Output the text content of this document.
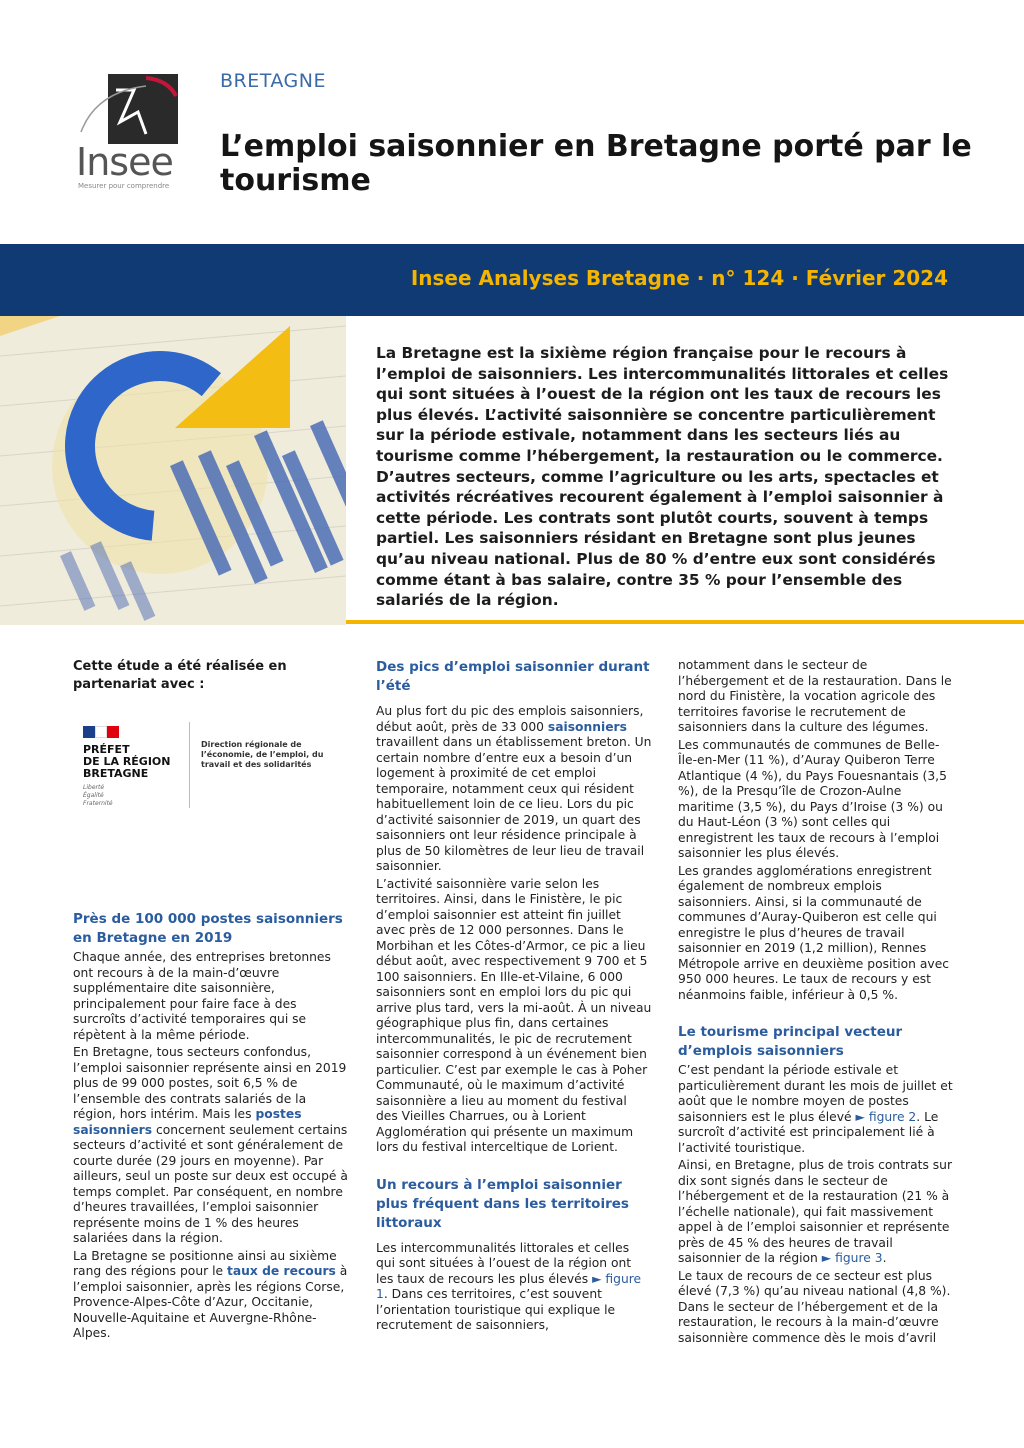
Insee
Mesurer pour comprendre
BRETAGNE
L’emploi saisonnier en Bretagne porté par le tourisme
Insee Analyses Bretagne · n° 124 · Février 2024

La Bretagne est la sixième région française pour le recours à l’emploi de saisonniers. Les intercommunalités littorales et celles qui sont situées à l’ouest de la région ont les taux de recours les plus élevés. L’activité saisonnière se concentre particulièrement sur la période estivale, notamment dans les secteurs liés au tourisme comme l’hébergement, la restauration ou le commerce. D’autres secteurs, comme l’agriculture ou les arts, spectacles et activités récréatives recourent également à l’emploi saisonnier à cette période. Les contrats sont plutôt courts, souvent à temps partiel. Les saisonniers résidant en Bretagne sont plus jeunes qu’au niveau national. Plus de 80 % d’entre eux sont considérés comme étant à bas salaire, contre 35 % pour l’ensemble des salariés de la région.

Cette étude a été réalisée en partenariat avec :

PRÉFET
DE LA RÉGION
BRETAGNE
Liberté
Égalité
Fraternité
Direction régionale de l’économie, de l’emploi, du travail et des solidarités

Près de 100 000 postes saisonniers en Bretagne en 2019

Chaque année, des entreprises bretonnes ont recours à de la main-d’œuvre supplémentaire dite saisonnière, principalement pour faire face à des surcroîts d’activité temporaires qui se répètent à la même période.

En Bretagne, tous secteurs confondus, l’emploi saisonnier représente ainsi en 2019 plus de 99 000 postes, soit 6,5 % de l’ensemble des contrats salariés de la région, hors intérim. Mais les postes saisonniers concernent seulement certains secteurs d’activité et sont généralement de courte durée (29 jours en moyenne). Par ailleurs, seul un poste sur deux est occupé à temps complet. Par conséquent, en nombre d’heures travaillées, l’emploi saisonnier représente moins de 1 % des heures salariées dans la région.

La Bretagne se positionne ainsi au sixième rang des régions pour le taux de recours à l’emploi saisonnier, après les régions Corse, Provence-Alpes-Côte d’Azur, Occitanie, Nouvelle-Aquitaine et Auvergne-Rhône-Alpes.

Des pics d’emploi saisonnier durant l’été

Au plus fort du pic des emplois saisonniers, début août, près de 33 000 saisonniers travaillent dans un établissement breton. Un certain nombre d’entre eux a besoin d’un logement à proximité de cet emploi temporaire, notamment ceux qui résident habituellement loin de ce lieu. Lors du pic d’activité saisonnier de 2019, un quart des saisonniers ont leur résidence principale à plus de 50 kilomètres de leur lieu de travail saisonnier.

L’activité saisonnière varie selon les territoires. Ainsi, dans le Finistère, le pic d’emploi saisonnier est atteint fin juillet avec près de 12 000 personnes. Dans le Morbihan et les Côtes-d’Armor, ce pic a lieu début août, avec respectivement 9 700 et 5 100 saisonniers. En Ille-et-Vilaine, 6 000 saisonniers sont en emploi lors du pic qui arrive plus tard, vers la mi-août. À un niveau géographique plus fin, dans certaines intercommunalités, le pic de recrutement saisonnier correspond à un événement bien particulier. C’est par exemple le cas à Poher Communauté, où le maximum d’activité saisonnière a lieu au moment du festival des Vieilles Charrues, ou à Lorient Agglomération qui présente un maximum lors du festival interceltique de Lorient.

Un recours à l’emploi saisonnier plus fréquent dans les territoires littoraux

Les intercommunalités littorales et celles qui sont situées à l’ouest de la région ont les taux de recours les plus élevés ► figure 1. Dans ces territoires, c’est souvent l’orientation touristique qui explique le recrutement de saisonniers,

notamment dans le secteur de l’hébergement et de la restauration. Dans le nord du Finistère, la vocation agricole des territoires favorise le recrutement de saisonniers dans la culture des légumes.

Les communautés de communes de Belle-Île-en-Mer (11 %), d’Auray Quiberon Terre Atlantique (4 %), du Pays Fouesnantais (3,5 %), de la Presqu’île de Crozon-Aulne maritime (3,5 %), du Pays d’Iroise (3 %) ou du Haut-Léon (3 %) sont celles qui enregistrent les taux de recours à l’emploi saisonnier les plus élevés.

Les grandes agglomérations enregistrent également de nombreux emplois saisonniers. Ainsi, si la communauté de communes d’Auray-Quiberon est celle qui enregistre le plus d’heures de travail saisonnier en 2019 (1,2 million), Rennes Métropole arrive en deuxième position avec 950 000 heures. Le taux de recours y est néanmoins faible, inférieur à 0,5 %.

Le tourisme principal vecteur d’emplois saisonniers

C’est pendant la période estivale et particulièrement durant les mois de juillet et août que le nombre moyen de postes saisonniers est le plus élevé ► figure 2. Le surcroît d’activité est principalement lié à l’activité touristique.

Ainsi, en Bretagne, plus de trois contrats sur dix sont signés dans le secteur de l’hébergement et de la restauration (21 % à l’échelle nationale), qui fait massivement appel à de l’emploi saisonnier et représente près de 45 % des heures de travail saisonnier de la région ► figure 3.

Le taux de recours de ce secteur est plus élevé (7,3 %) qu’au niveau national (4,8 %). Dans le secteur de l’hébergement et de la restauration, le recours à la main-d’œuvre saisonnière commence dès le mois d’avril
